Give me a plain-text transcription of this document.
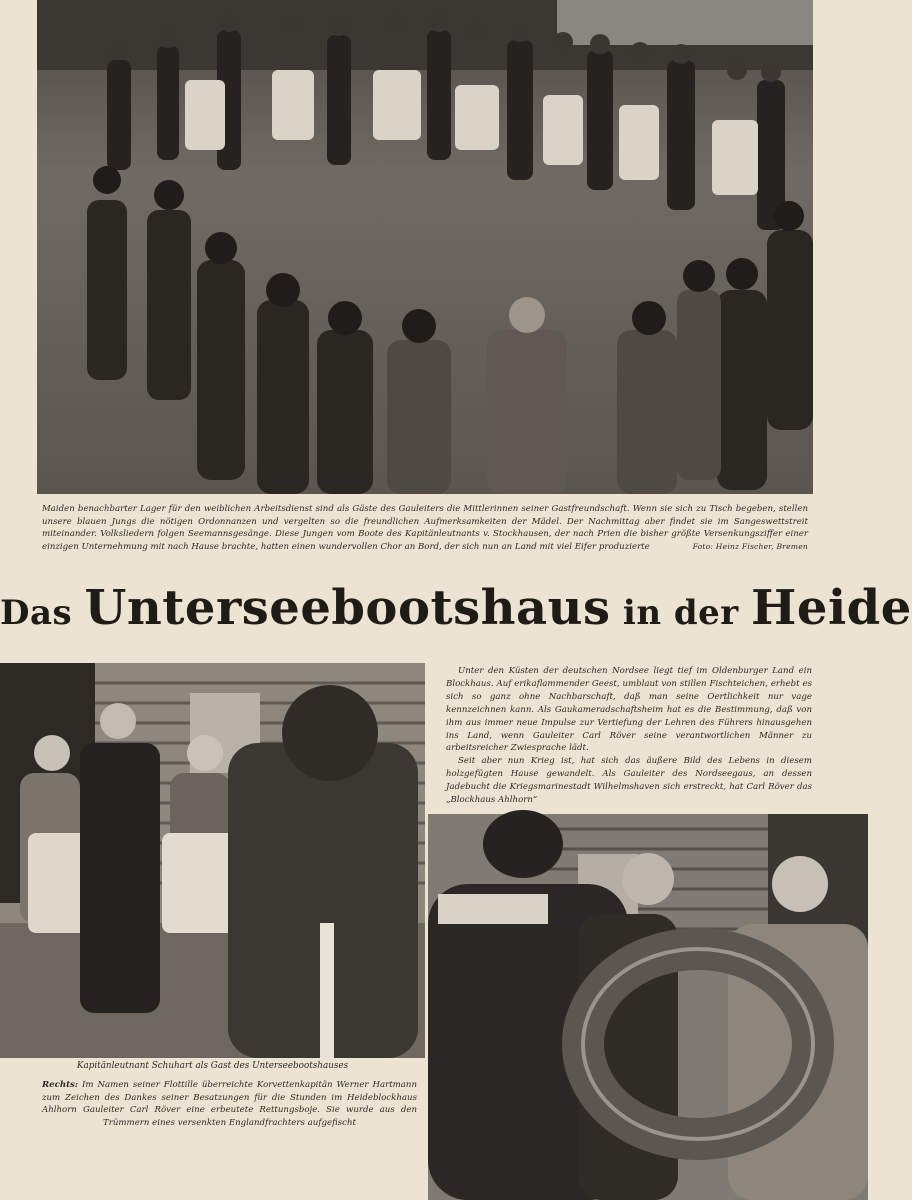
Maiden benachbarter Lager für den weiblichen Arbeitsdienst sind als Gäste des Gauleiters die Mittlerinnen seiner Gastfreundschaft. Wenn sie sich zu Tisch begeben, stellen unsere blauen Jungs die nötigen Ordonnanzen und vergelten so die freundlichen Aufmerksamkeiten der Mädel. Der Nachmittag aber findet sie im Sangeswettstreit miteinander. Volksliedern folgen Seemannsgesänge. Diese Jungen vom Boote des Kapitänleutnants v. Stockhausen, der nach Prien die bisher größte Versenkungsziffer einer einzigen Unternehmung mit nach Hause brachte, hatten einen wundervollen Chor an Bord, der sich nun an Land mit viel Eifer produzierte	Foto: Heinz Fischer, Bremen
Das Unterseebootshaus in der Heide

Unter den Küsten der deutschen Nordsee liegt tief im Oldenburger Land ein Blockhaus. Auf erikaflammender Geest, umblaut von stillen Fischteichen, erhebt es sich so ganz ohne Nachbarschaft, daß man seine Oertlichkeit nur vage kennzeichnen kann. Als Gaukameradschaftsheim hat es die Bestimmung, daß von ihm aus immer neue Impulse zur Vertiefung der Lehren des Führers hinausgehen ins Land, wenn Gauleiter Carl Röver seine verantwortlichen Männer zu arbeitsreicher Zwiesprache lädt.

Seit aber nun Krieg ist, hat sich das äußere Bild des Lebens in diesem holzgefügten Hause gewandelt. Als Gauleiter des Nordseegaus, an dessen Jadebucht die Kriegsmarinestadt Wilhelmshaven sich erstreckt, hat Carl Röver das „Blockhaus Ahlhorn“

Kapitänleutnant Schuhart als Gast des Unterseebootshauses
Rechts: Im Namen seiner Flottille überreichte Korvettenkapitän Werner Hartmann zum Zeichen des Dankes seiner Besatzungen für die Stunden im Heideblockhaus Ahlhorn Gauleiter Carl Röver eine erbeutete Rettungsboje. Sie wurde aus den Trümmern eines versenkten Englandfrachters aufgefischt
